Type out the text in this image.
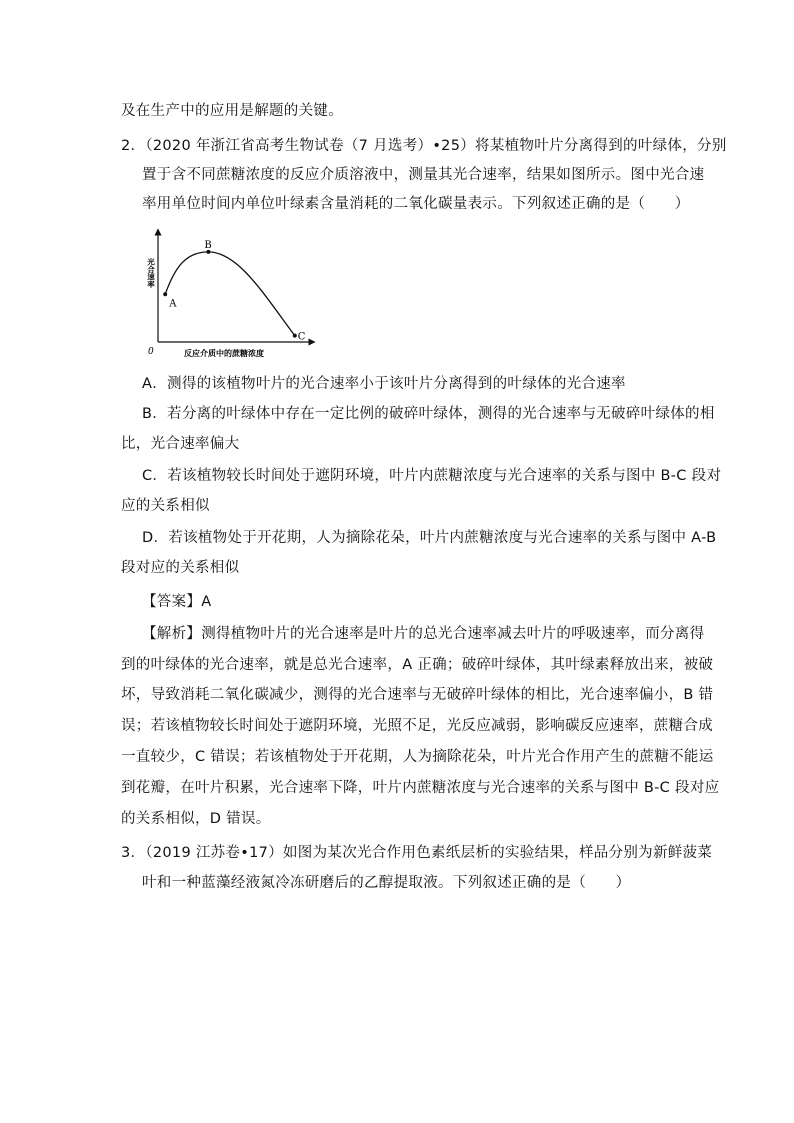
及在生产中的应用是解题的关键。
2．（2020 年浙江省高考生物试卷（7 月选考）•25）将某植物叶片分离得到的叶绿体，分别
置于含不同蔗糖浓度的反应介质溶液中，测量其光合速率，结果如图所示。图中光合速
率用单位时间内单位叶绿素含量消耗的二氧化碳量表示。下列叙述正确的是（　　）
A
B
C
光合速率
反应介质中的蔗糖浓度
0
A．测得的该植物叶片的光合速率小于该叶片分离得到的叶绿体的光合速率
B．若分离的叶绿体中存在一定比例的破碎叶绿体，测得的光合速率与无破碎叶绿体的相
比，光合速率偏大
C．若该植物较长时间处于遮阴环境，叶片内蔗糖浓度与光合速率的关系与图中 B-C 段对
应的关系相似
D．若该植物处于开花期，人为摘除花朵，叶片内蔗糖浓度与光合速率的关系与图中 A-B
段对应的关系相似
【答案】A
【解析】测得植物叶片的光合速率是叶片的总光合速率减去叶片的呼吸速率，而分离得
到的叶绿体的光合速率，就是总光合速率，A 正确；破碎叶绿体，其叶绿素释放出来，被破
坏，导致消耗二氧化碳减少，测得的光合速率与无破碎叶绿体的相比，光合速率偏小，B 错
误；若该植物较长时间处于遮阴环境，光照不足，光反应减弱，影响碳反应速率，蔗糖合成
一直较少，C 错误；若该植物处于开花期，人为摘除花朵，叶片光合作用产生的蔗糖不能运
到花瓣，在叶片积累，光合速率下降，叶片内蔗糖浓度与光合速率的关系与图中 B-C 段对应
的关系相似，D 错误。
3．（2019 江苏卷•17）如图为某次光合作用色素纸层析的实验结果，样品分别为新鲜菠菜
叶和一种蓝藻经液氮冷冻研磨后的乙醇提取液。下列叙述正确的是（　　）
